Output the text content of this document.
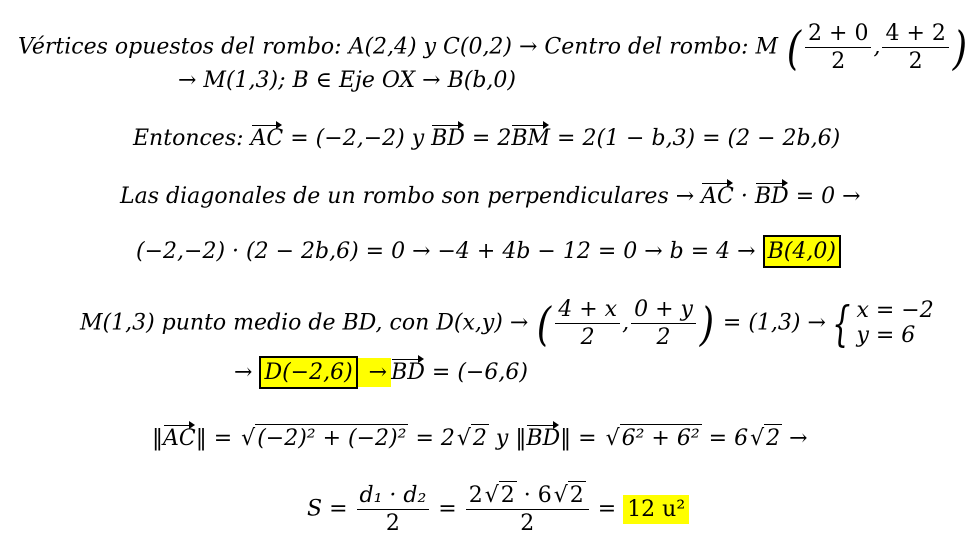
Vértices opuestos del rombo: A(2,4) y C(0,2) → Centro del rombo: M ( $\frac{2 + 0}{2}$ , $\frac{4 + 2}{2}$ )
→ M(1,3); B ∈ Eje OX → B(b,0)
Entonces: AC = (−2,−2) y BD = 2BM = 2(1 − b,3) = (2 − 2b,6)
Las diagonales de un rombo son perpendiculares → AC · BD = 0 →
(−2,−2) · (2 − 2b,6) = 0 → −4 + 4b − 12 = 0 → b = 4 → B(4,0)
M(1,3) punto medio de BD, con D(x,y) → ( $\frac{4 + x}{2}$ , $\frac{0 + y}{2}$ ) = (1,3) → { x = −2
y = 6
→ D(−2,6) → BD = (−6,6)
‖AC‖ = √(−2)² + (−2)² = 2√2 y ‖BD‖ = √6² + 6² = 6√2 →
$S = \frac{\text{d₁ · d₂}}{2} = \frac{2√2 \cdot 6√2}{2} = 12$ u²
